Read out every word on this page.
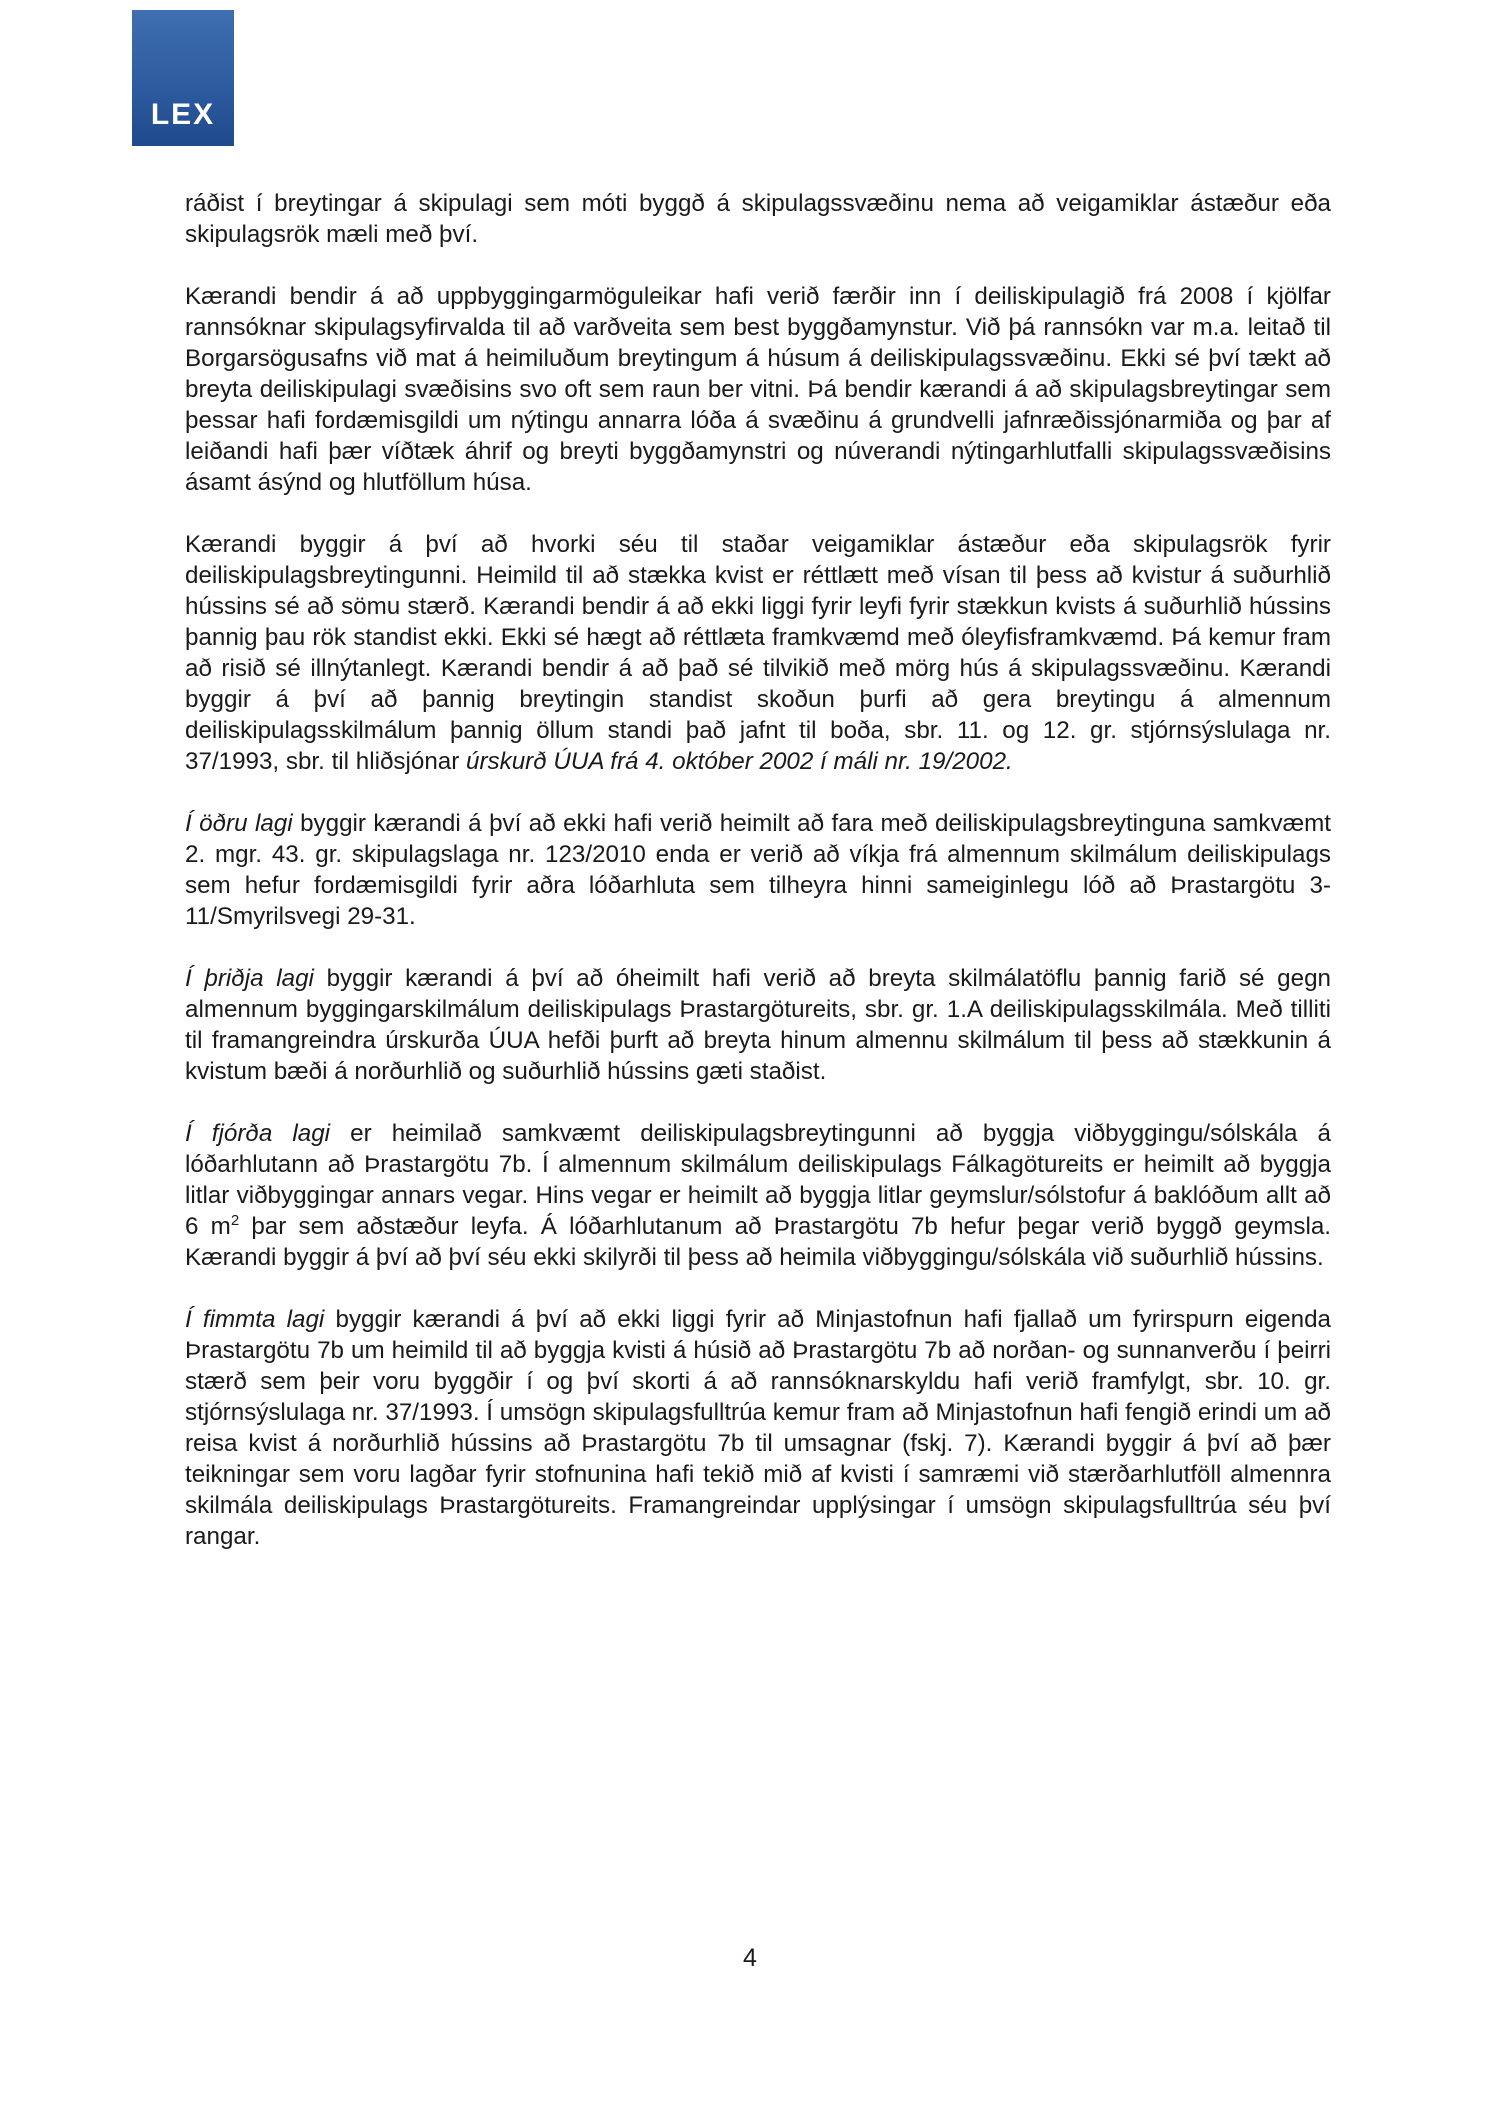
LEX

ráðist í breytingar á skipulagi sem móti byggð á skipulagssvæðinu nema að veigamiklar ástæður eða skipulagsrök mæli með því.

Kærandi bendir á að uppbyggingarmöguleikar hafi verið færðir inn í deiliskipulagið frá 2008 í kjölfar rannsóknar skipulagsyfirvalda til að varðveita sem best byggðamynstur. Við þá rannsókn var m.a. leitað til Borgarsögusafns við mat á heimiluðum breytingum á húsum á deiliskipulagssvæðinu. Ekki sé því tækt að breyta deiliskipulagi svæðisins svo oft sem raun ber vitni. Þá bendir kærandi á að skipulagsbreytingar sem þessar hafi fordæmisgildi um nýtingu annarra lóða á svæðinu á grundvelli jafnræðissjónarmiða og þar af leiðandi hafi þær víðtæk áhrif og breyti byggðamynstri og núverandi nýtingarhlutfalli skipulagssvæðisins ásamt ásýnd og hlutföllum húsa.

Kærandi byggir á því að hvorki séu til staðar veigamiklar ástæður eða skipulagsrök fyrir deiliskipulagsbreytingunni. Heimild til að stækka kvist er réttlætt með vísan til þess að kvistur á suðurhlið hússins sé að sömu stærð. Kærandi bendir á að ekki liggi fyrir leyfi fyrir stækkun kvists á suðurhlið hússins þannig þau rök standist ekki. Ekki sé hægt að réttlæta framkvæmd með óleyfisframkvæmd. Þá kemur fram að risið sé illnýtanlegt. Kærandi bendir á að það sé tilvikið með mörg hús á skipulagssvæðinu. Kærandi byggir á því að þannig breytingin standist skoðun þurfi að gera breytingu á almennum deiliskipulagsskilmálum þannig öllum standi það jafnt til boða, sbr. 11. og 12. gr. stjórnsýslulaga nr. 37/1993, sbr. til hliðsjónar úrskurð ÚUA frá 4. október 2002 í máli nr. 19/2002.

Í öðru lagi byggir kærandi á því að ekki hafi verið heimilt að fara með deiliskipulagsbreytinguna samkvæmt 2. mgr. 43. gr. skipulagslaga nr. 123/2010 enda er verið að víkja frá almennum skilmálum deiliskipulags sem hefur fordæmisgildi fyrir aðra lóðarhluta sem tilheyra hinni sameiginlegu lóð að Þrastargötu 3-11/Smyrilsvegi 29-31.

Í þriðja lagi byggir kærandi á því að óheimilt hafi verið að breyta skilmálatöflu þannig farið sé gegn almennum byggingarskilmálum deiliskipulags Þrastargötureits, sbr. gr. 1.A deiliskipulagsskilmála. Með tilliti til framangreindra úrskurða ÚUA hefði þurft að breyta hinum almennu skilmálum til þess að stækkunin á kvistum bæði á norðurhlið og suðurhlið hússins gæti staðist.

Í fjórða lagi er heimilað samkvæmt deiliskipulagsbreytingunni að byggja viðbyggingu/sólskála á lóðarhlutann að Þrastargötu 7b. Í almennum skilmálum deiliskipulags Fálkagötureits er heimilt að byggja litlar viðbyggingar annars vegar. Hins vegar er heimilt að byggja litlar geymslur/sólstofur á baklóðum allt að 6 $m^2$ þar sem aðstæður leyfa. Á lóðarhlutanum að Þrastargötu 7b hefur þegar verið byggð geymsla. Kærandi byggir á því að því séu ekki skilyrði til þess að heimila viðbyggingu/sólskála við suðurhlið hússins.

Í fimmta lagi byggir kærandi á því að ekki liggi fyrir að Minjastofnun hafi fjallað um fyrirspurn eigenda Þrastargötu 7b um heimild til að byggja kvisti á húsið að Þrastargötu 7b að norðan- og sunnanverðu í þeirri stærð sem þeir voru byggðir í og því skorti á að rannsóknarskyldu hafi verið framfylgt, sbr. 10. gr. stjórnsýslulaga nr. 37/1993. Í umsögn skipulagsfulltrúa kemur fram að Minjastofnun hafi fengið erindi um að reisa kvist á norðurhlið hússins að Þrastargötu 7b til umsagnar (fskj. 7). Kærandi byggir á því að þær teikningar sem voru lagðar fyrir stofnunina hafi tekið mið af kvisti í samræmi við stærðarhlutföll almennra skilmála deiliskipulags Þrastargötureits. Framangreindar upplýsingar í umsögn skipulagsfulltrúa séu því rangar.

4
